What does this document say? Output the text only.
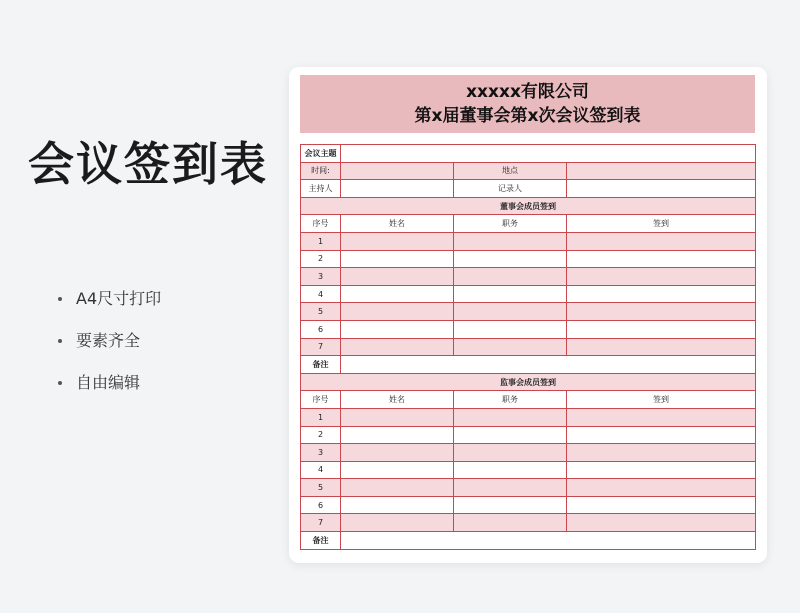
会议签到表
A4尺寸打印
要素齐全
自由编辑
xxxxx有限公司
第x届董事会第x次会议签到表
会议主题			
时间:		地点	
主持人		记录人	
董事会成员签到			
序号	姓名	职务	签到
1			
2			
3			
4			
5			
6			
7			
备注			
监事会成员签到			
序号	姓名	职务	签到
1			
2			
3			
4			
5			
6			
7			
备注			
